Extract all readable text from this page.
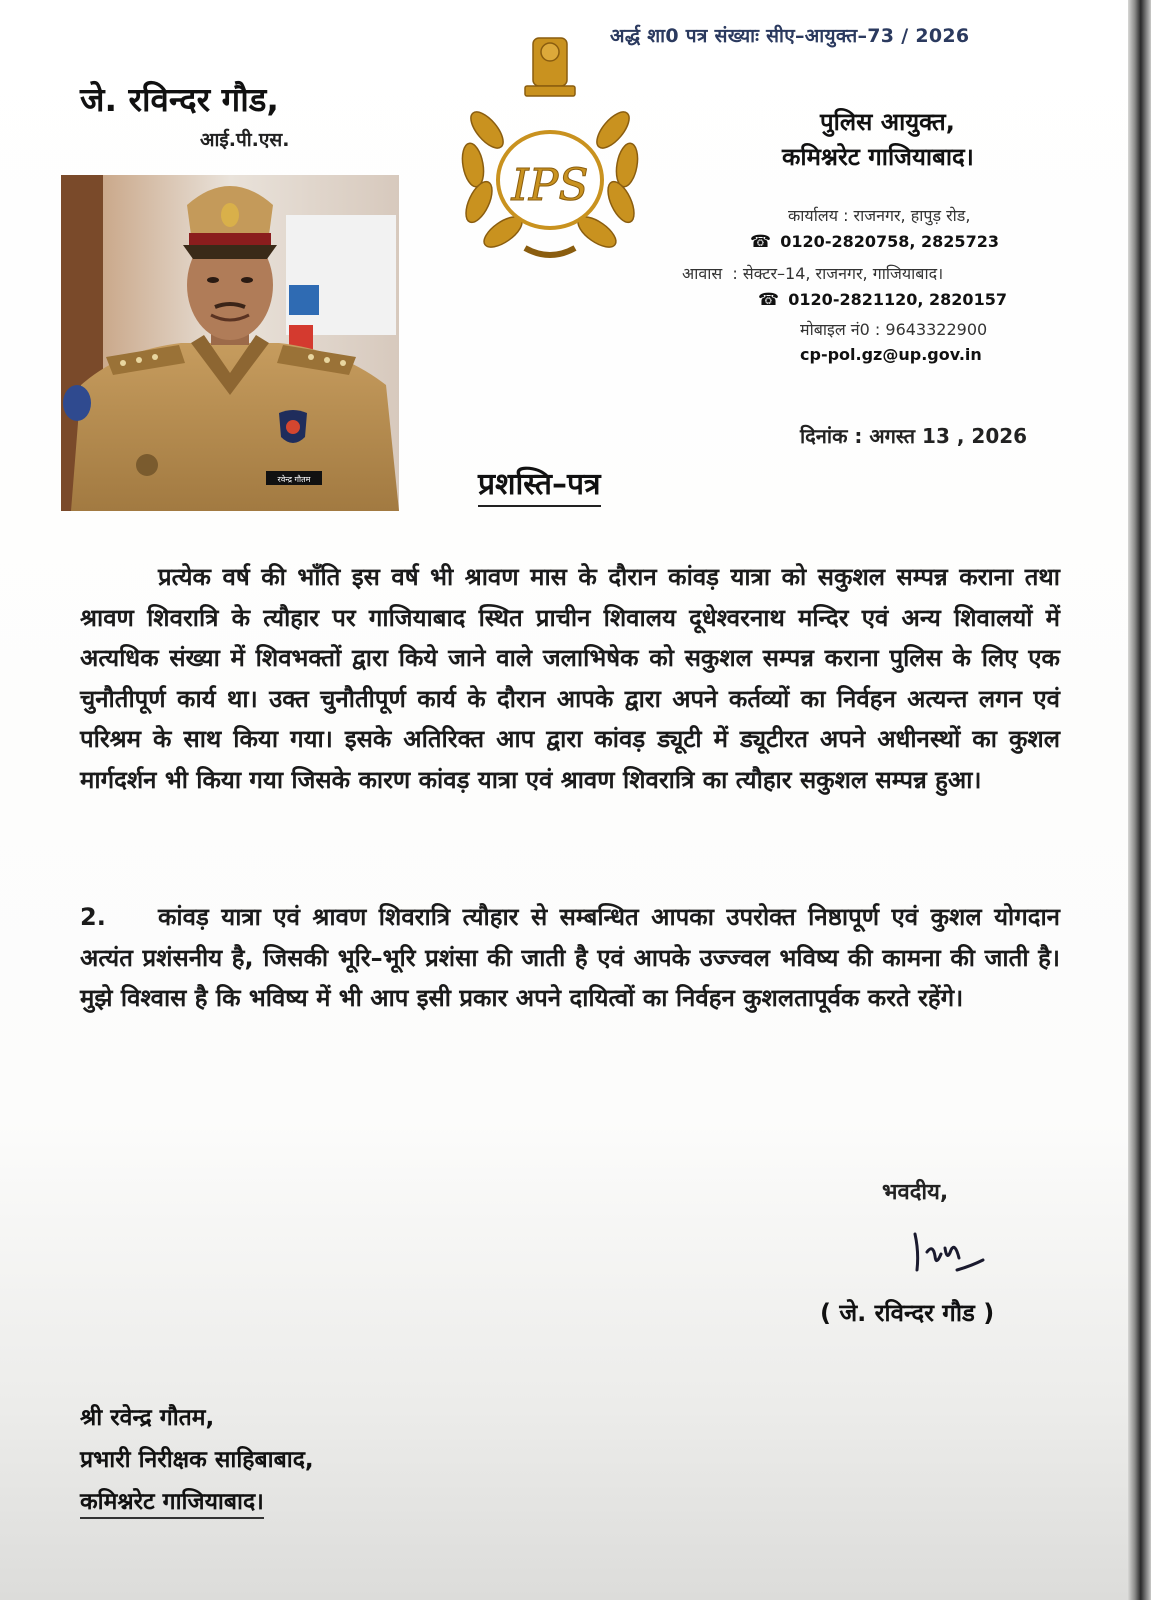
अर्द्ध शा0 पत्र संख्याः सीए–आयुक्त–73 / 2026
जे. रविन्दर गौड,
आई.पी.एस.
रवेन्द्र गौतम
IPS
पुलिस आयुक्त,
कमिश्नरेट गाजियाबाद।
कार्यालय : राजनगर, हापुड़ रोड,
☎ 0120-2820758, 2825723
आवास  : सेक्टर–14, राजनगर, गाजियाबाद।
☎ 0120-2821120, 2820157
मोबाइल नं0 : 9643322900
cp-pol.gz@up.gov.in
दिनांक : अगस्त 13 , 2026
प्रशस्ति–पत्र
प्रत्येक वर्ष की भाँति इस वर्ष भी श्रावण मास के दौरान कांवड़ यात्रा को सकुशल सम्पन्न कराना तथा श्रावण शिवरात्रि के त्यौहार पर गाजियाबाद स्थित प्राचीन शिवालय दूधेश्वरनाथ मन्दिर एवं अन्य शिवालयों में अत्यधिक संख्या में शिवभक्तों द्वारा किये जाने वाले जलाभिषेक को सकुशल सम्पन्न कराना पुलिस के लिए एक चुनौतीपूर्ण कार्य था। उक्त चुनौतीपूर्ण कार्य के दौरान आपके द्वारा अपने कर्तव्यों का निर्वहन अत्यन्त लगन एवं परिश्रम के साथ किया गया। इसके अतिरिक्त आप द्वारा कांवड़ ड्यूटी में ड्यूटीरत अपने अधीनस्थों का कुशल मार्गदर्शन भी किया गया जिसके कारण कांवड़ यात्रा एवं श्रावण शिवरात्रि का त्यौहार सकुशल सम्पन्न हुआ।
2. कांवड़ यात्रा एवं श्रावण शिवरात्रि त्यौहार से सम्बन्धित आपका उपरोक्त निष्ठापूर्ण एवं कुशल योगदान अत्यंत प्रशंसनीय है, जिसकी भूरि–भूरि प्रशंसा की जाती है एवं आपके उज्ज्वल भविष्य की कामना की जाती है। मुझे विश्वास है कि भविष्य में भी आप इसी प्रकार अपने दायित्वों का निर्वहन कुशलतापूर्वक करते रहेंगे।
भवदीय,
( जे. रविन्दर गौड )
श्री रवेन्द्र गौतम,
प्रभारी निरीक्षक साहिबाबाद,
कमिश्नरेट गाजियाबाद।
